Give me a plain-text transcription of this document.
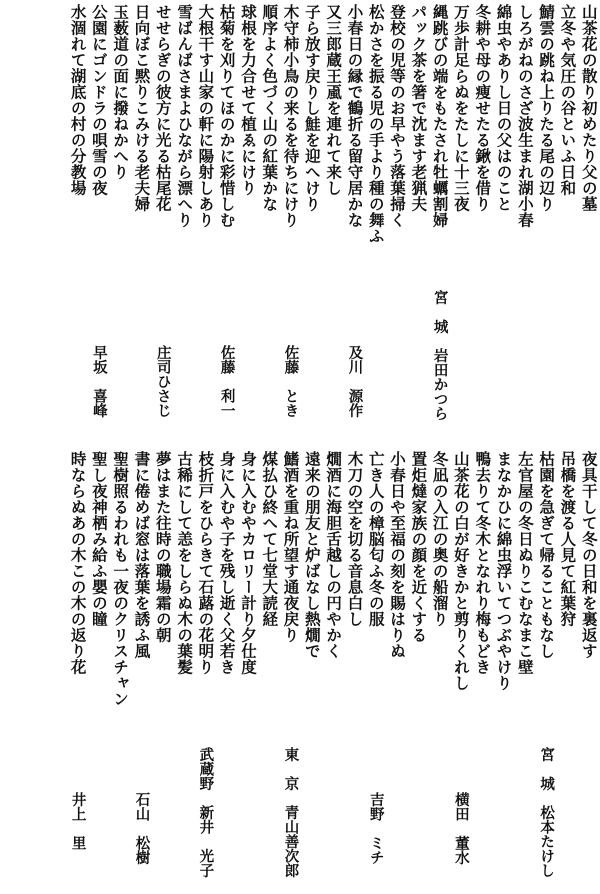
山茶花の散り初めたり父の墓
立冬や気圧の谷といふ日和
鯖雲の跳ね上りたる尾の辺り
しろがねのさざ波生まれ湖小春
綿虫やありし日の父はのこと
冬耕や母の痩せたる鍬を借り
万歩計足らぬをたしに十三夜
縄跳びの端をもたされ牡蠣割婦
宮　城　岩田かつら
パック茶を箸で沈ます老猟夫
登校の児等のお早やう落葉掃く
松かさを振る児の手より種の舞ふ
小春日の縁で鶴折る留守居かな
及川　源作
又三郎蔵王颪を連れて来し
子ら放す戻りし鮭を迎へけり
木守柿小鳥の来るを待ちにけり
佐藤　とき
順序よく色づく山の紅葉かな
球根を力合せて植ゑにけり
枯菊を刈りてほのかに彩惜しむ
佐藤　利一
大根干す山家の軒に陽射しあり
雪ばんばさまよひながら漂へり
せせらぎの彼方に光る枯尾花
庄司ひさじ
日向ぼこ黙りこみける老夫婦
玉薮道の面に撥ねかへり
公園にゴンドラの唄雪の夜
早坂　喜峰
水涸れて湖底の村の分教場
夜具干して冬の日和を裏返す
吊橋を渡る人見て紅葉狩
枯園を急ぎて帰ることもなし
宮　城　松本たけし
左官屋の冬日ぬりこむなまこ壁
まなかひに綿虫浮いてつぶやけり
鴨去りて冬木となれり梅もどき
山茶花の白が好きかと剪りくれし
横田　董水
冬凪の入江の奥の船溜り
置炬燵家族の顔を近くする
小春日や至福の刻を賜はりぬ
亡き人の樟脳匂ふ冬の服
吉野　ミチ
木刀の空を切る音息白し
燗酒に海胆舌越しの円やかく
遠来の朋友と炉ばなし熱燗で
鰭酒を重ね所望す通夜戻り
東　京　青山善次郎
煤払ひ終へて七堂大読経
身に入むやカロリー計り夕仕度
身に入むや子を残し逝く父若き
枝折戸をひらきて石蕗の花明り
武蔵野　新井　光子
古稀にして恙をしらぬ木の葉髪
夢はまた往時の職場霜の朝
書に倦めば窓は落葉を誘ふ風
石山　松樹
聖樹照るわれも一夜のクリスチャン
聖し夜神栖み給ふ嬰の瞳
時ならぬあの木この木の返り花
井上　里
